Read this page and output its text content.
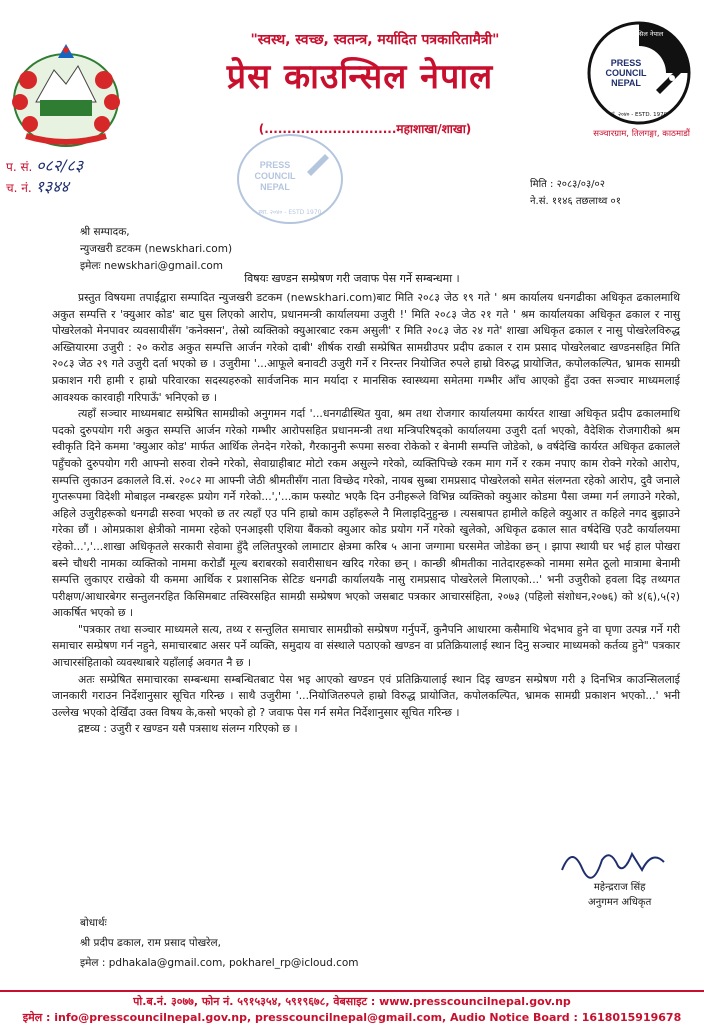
"स्वस्थ, स्वच्छ, स्वतन्त्र, मर्यादित पत्रकारितामैत्री"
प्रेस काउन्सिल नेपाल
(.............................महाशाखा/शाखा)
प्रेस काउन्सिल नेपाल
PRESS
COUNCIL
NEPAL
सं. २०४० - ESTD. 1970
सञ्चारग्राम, तिलगङ्गा, काठमाडौं
PRESS
COUNCIL
NEPAL
स्था. २०४० - ESTD 1970
प. सं. ०८२/८३
च. नं. १३४४	मिति : २०८३/०३/०२
ने.सं. ११४६ तछलाथ्व ०१
श्री सम्पादक,
न्युजखरी डटकम (newskhari.com)
इमेलः newskhari@gmail.com
विषयः खण्डन सम्प्रेषण गरी जवाफ पेस गर्ने सम्बन्धमा ।

प्रस्तुत विषयमा तपाईंद्वारा सम्पादित न्युजखरी डटकम (newskhari.com)बाट मिति २०८३ जेठ १९ गते ' श्रम कार्यालय धनगढीका अधिकृत ढकालमाथि अकुत सम्पत्ति र 'क्युआर कोड' बाट घुस लिएको आरोप, प्रधानमन्त्री कार्यालयमा उजुरी !' मिति २०८३ जेठ २१ गते ' श्रम कार्यालयका अधिकृत ढकाल र नासु पोखरेलको मेनपावर व्यवसायीसँग 'कनेक्सन', तेस्रो व्यक्तिको क्युआरबाट रकम असुली' र मिति २०८३ जेठ २४ गते' शाखा अधिकृत ढकाल र नासु पोखरेलविरुद्ध अख्तियारमा उजुरी : २० करोड अकुत सम्पत्ति आर्जन गरेको दाबी' शीर्षक राखी सम्प्रेषित सामग्रीउपर प्रदीप ढकाल र राम प्रसाद पोखरेलबाट खण्डनसहित मिति २०८३ जेठ २९ गते उजुरी दर्ता भएको छ । उजुरीमा '...आफूले बनावटी उजुरी गर्ने र निरन्तर नियोजित रुपले हाम्रो विरुद्ध प्रायोजित, कपोलकल्पित, भ्रामक सामग्री प्रकाशन गरी हामी र हाम्रो परिवारका सदस्यहरुको सार्वजनिक मान मर्यादा र मानसिक स्वास्थ्यमा समेतमा गम्भीर आँच आएको हुँदा उक्त सञ्चार माध्यमलाई आवश्यक कारवाही गरिपाऊँ' भनिएको छ ।

त्यहाँ सञ्चार माध्यमबाट सम्प्रेषित सामग्रीको अनुगमन गर्दा '...धनगढीस्थित युवा, श्रम तथा रोजगार कार्यालयमा कार्यरत शाखा अधिकृत प्रदीप ढकालमाथि पदको दुरुपयोग गरी अकुत सम्पत्ति आर्जन गरेको गम्भीर आरोपसहित प्रधानमन्त्री तथा मन्त्रिपरिषद्को कार्यालयमा उजुरी दर्ता भएको, वैदेशिक रोजगारीको श्रम स्वीकृति दिने कममा 'क्युआर कोड' मार्फत आर्थिक लेनदेन गरेको, गैरकानुनी रूपमा सरुवा रोकेको र बेनामी सम्पत्ति जोडेको, ७ वर्षदेखि कार्यरत अधिकृत ढकालले पहुँचको दुरुपयोग गरी आफ्नो सरुवा रोक्ने गरेको, सेवाग्राहीबाट मोटो रकम असुल्ने गरेको, व्यक्तिपिच्छे रकम माग गर्ने र रकम नपाए काम रोक्ने गरेको आरोप, सम्पत्ति लुकाउन ढकालले वि.सं. २०८२ मा आफ्नी जेठी श्रीमतीसँग नाता विच्छेद गरेको, नायब सुब्बा रामप्रसाद पोखरेलको समेत संलग्नता रहेको आरोप, दुवै जनाले गुप्तरूपमा विदेशी मोबाइल नम्बरहरू प्रयोग गर्ने गरेको...','...काम फस्योट भएकै दिन उनीहरूले विभिन्न व्यक्तिको क्युआर कोडमा पैसा जम्मा गर्न लगाउने गरेको, अहिले उजुरीहरूको धनगढी सरुवा भएको छ तर त्यहाँ एउ पनि हाम्रो काम उहाँहरूले नै मिलाइदिनुहुन्छ । त्यसबापत हामीले कहिले क्युआर त कहिले नगद बुझाउने गरेका छौं । ओमप्रकाश क्षेत्रीको नाममा रहेको एनआइसी एशिया बैंकको क्युआर कोड प्रयोग गर्ने गरेको खुलेको, अधिकृत ढकाल सात वर्षदेखि एउटै कार्यालयमा रहेको...','...शाखा अधिकृतले सरकारी सेवामा हुँदै ललितपुरको लामाटार क्षेत्रमा करिब ५ आना जग्गामा घरसमेत जोडेका छन् । झापा स्थायी घर भई हाल पोखरा बस्ने चौधरी नामका व्यक्तिको नाममा करोडौं मूल्य बराबरको सवारीसाधन खरिद गरेका छन् । कान्छी श्रीमतीका नातेदारहरूको नाममा समेत ठूलो मात्रामा बेनामी सम्पत्ति लुकाएर राखेको यी कममा आर्थिक र प्रशासनिक सेटिङ धनगढी कार्यालयकै नासु रामप्रसाद पोखरेलले मिलाएको...' भनी उजुरीको हवला दिइ तथ्यगत परीक्षण/आधारबेगर सन्तुलनरहित किसिमबाट तस्विरसहित सामग्री सम्प्रेषण भएको जसबाट पत्रकार आचारसंहिता, २०७३ (पहिलो संशोधन,२०७६) को ४(६),५(२) आकर्षित भएको छ ।

"पत्रकार तथा सञ्चार माध्यमले सत्य, तथ्य र सन्तुलित समाचार सामग्रीको सम्प्रेषण गर्नुपर्ने, कुनैपनि आधारमा कसैमाथि भेदभाव हुने वा घृणा उत्पन्न गर्ने गरी समाचार सम्प्रेषण गर्न नहुने, समाचारबाट असर पर्ने व्यक्ति, समुदाय वा संस्थाले पठाएको खण्डन वा प्रतिक्रियालाई स्थान दिनु सञ्चार माध्यमको कर्तव्य हुने" पत्रकार आचारसंहिताको व्यवस्थाबारे यहाँलाई अवगत नै छ ।

अतः सम्प्रेषित समाचारका सम्बन्धमा सम्बन्धितबाट पेस भइ आएको खण्डन एवं प्रतिक्रियालाई स्थान दिइ खण्डन सम्प्रेषण गरी ३ दिनभित्र काउन्सिललाई जानकारी गराउन निर्देशानुसार सूचित गरिन्छ । साथै उजुरीमा '...नियोजितरुपले हाम्रो विरुद्ध प्रायोजित, कपोलकल्पित, भ्रामक सामग्री प्रकाशन भएको...' भनी उल्लेख भएको देखिँदा उक्त विषय के,कसो भएको हो ? जवाफ पेस गर्न समेत निर्देशानुसार सूचित गरिन्छ ।

द्रष्टव्य : उजुरी र खण्डन यसै पत्रसाथ संलग्न गरिएको छ ।

महेन्द्रराज सिंह
अनुगमन अधिकृत
बोधार्थः
श्री प्रदीप ढकाल, राम प्रसाद पोखरेल,
इमेल : pdhakala@gmail.com, pokharel_rp@icloud.com
पो.ब.नं. ३०७७, फोन नं. ५९१५३५४, ५९१९६७८, वेबसाइट : www.presscouncilnepal.gov.np
इमेल : info@presscouncilnepal.gov.np, presscouncilnepal@gmail.com, Audio Notice Board : 1618015919678
